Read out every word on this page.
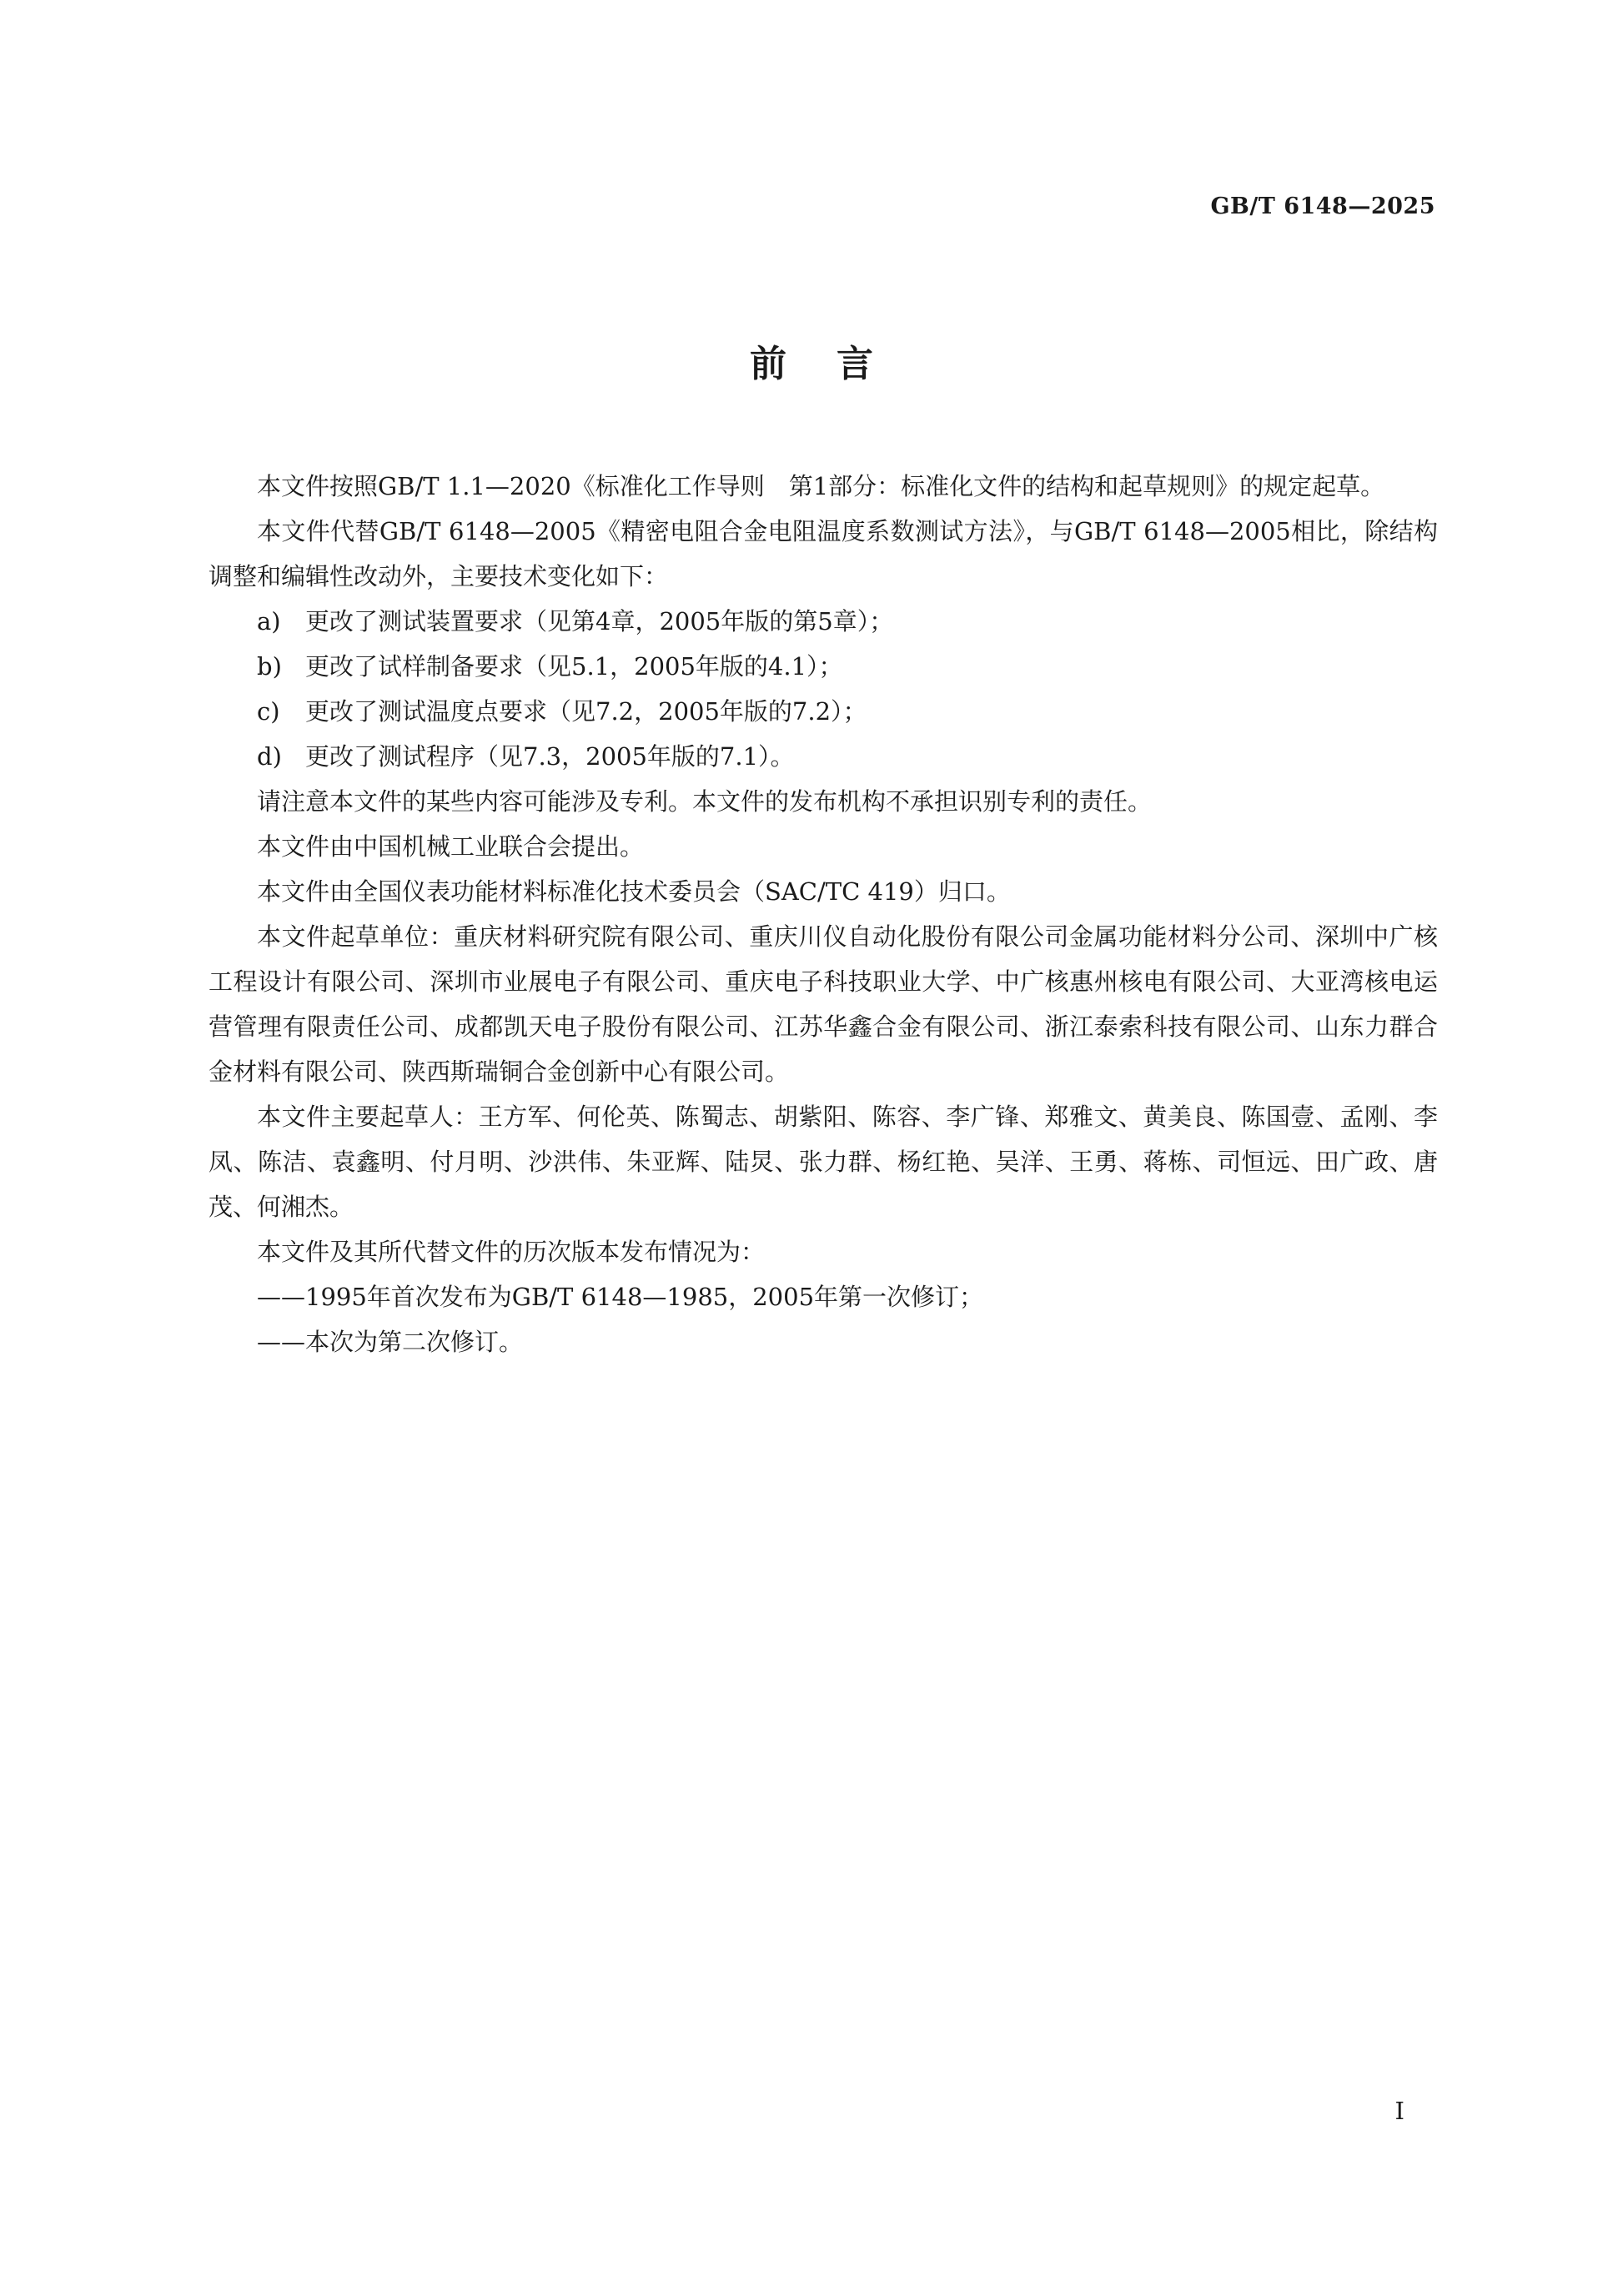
GB/T 6148—2025
前言

本文件按照GB/T 1.1—2020《标准化工作导则　第1部分：标准化文件的结构和起草规则》的规定起草。

本文件代替GB/T 6148—2005《精密电阻合金电阻温度系数测试方法》，与GB/T 6148—2005相比，除结构调整和编辑性改动外，主要技术变化如下：

a)	更改了测试装置要求（见第4章，2005年版的第5章）；
b) 更改了试样制备要求（见5.1，2005年版的4.1）；
c)	更改了测试温度点要求（见7.2，2005年版的7.2）；
d) 更改了测试程序（见7.3，2005年版的7.1）。

请注意本文件的某些内容可能涉及专利。本文件的发布机构不承担识别专利的责任。

本文件由中国机械工业联合会提出。

本文件由全国仪表功能材料标准化技术委员会（SAC/TC 419）归口。

本文件起草单位：重庆材料研究院有限公司、重庆川仪自动化股份有限公司金属功能材料分公司、深圳中广核工程设计有限公司、深圳市业展电子有限公司、重庆电子科技职业大学、中广核惠州核电有限公司、大亚湾核电运营管理有限责任公司、成都凯天电子股份有限公司、江苏华鑫合金有限公司、浙江泰索科技有限公司、山东力群合金材料有限公司、陕西斯瑞铜合金创新中心有限公司。

本文件主要起草人：王方军、何伦英、陈蜀志、胡紫阳、陈容、李广锋、郑雅文、黄美良、陈国壹、孟刚、李凤、陈洁、袁鑫明、付月明、沙洪伟、朱亚辉、陆炅、张力群、杨红艳、吴洋、王勇、蒋栋、司恒远、田广政、唐茂、何湘杰。

本文件及其所代替文件的历次版本发布情况为：

——1995年首次发布为GB/T 6148—1985，2005年第一次修订；

——本次为第二次修订。

I
